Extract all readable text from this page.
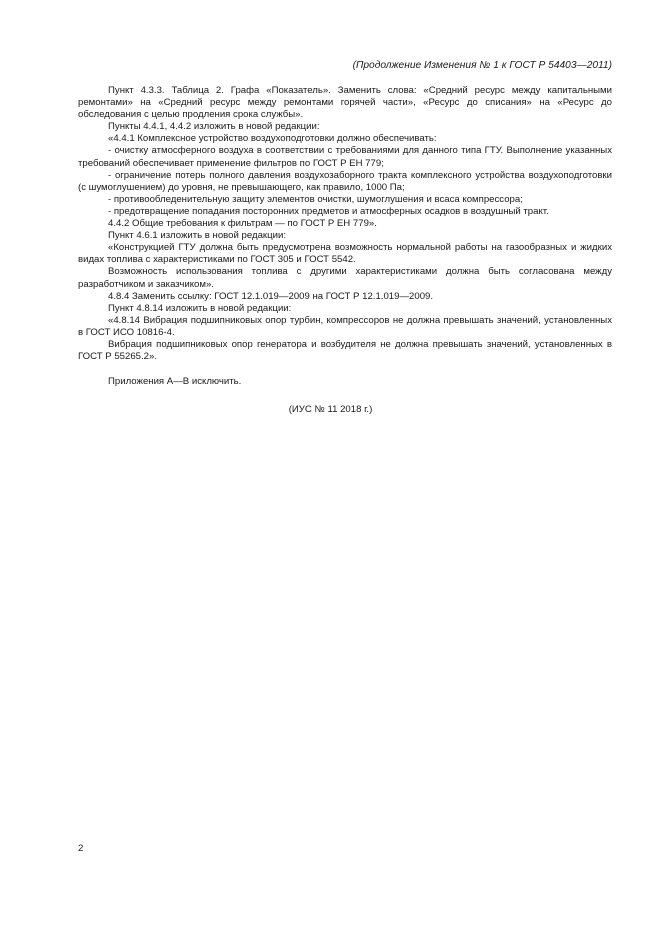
(Продолжение Изменения № 1 к ГОСТ Р 54403—2011)

Пункт 4.3.3. Таблица 2. Графа «Показатель». Заменить слова: «Средний ресурс между капитальными ремонтами» на «Средний ресурс между ремонтами горячей части», «Ресурс до списания» на «Ресурс до обследования с целью продления срока службы».

Пункты 4.4.1, 4.4.2 изложить в новой редакции:

«4.4.1 Комплексное устройство воздухоподготовки должно обеспечивать:

- очистку атмосферного воздуха в соответствии с требованиями для данного типа ГТУ. Выполнение указанных требований обеспечивает применение фильтров по ГОСТ Р ЕН 779;

- ограничение потерь полного давления воздухозаборного тракта комплексного устройства воздухоподготовки (с шумоглушением) до уровня, не превышающего, как правило, 1000 Па;

- противообледенительную защиту элементов очистки, шумоглушения и всаса компрессора;

- предотвращение попадания посторонних предметов и атмосферных осадков в воздушный тракт.

4.4.2 Общие требования к фильтрам — по ГОСТ Р ЕН 779».

Пункт 4.6.1 изложить в новой редакции:

«Конструкцией ГТУ должна быть предусмотрена возможность нормальной работы на газообразных и жидких видах топлива с характеристиками по ГОСТ 305 и ГОСТ 5542.

Возможность использования топлива с другими характеристиками должна быть согласована между разработчиком и заказчиком».

4.8.4 Заменить ссылку: ГОСТ 12.1.019—2009 на ГОСТ Р 12.1.019—2009.

Пункт 4.8.14 изложить в новой редакции:

«4.8.14 Вибрация подшипниковых опор турбин, компрессоров не должна превышать значений, установленных в ГОСТ ИСО 10816-4.

Вибрация подшипниковых опор генератора и возбудителя не должна превышать значений, установленных в ГОСТ Р 55265.2».

Приложения А—В исключить.

(ИУС № 11 2018 г.)
2
